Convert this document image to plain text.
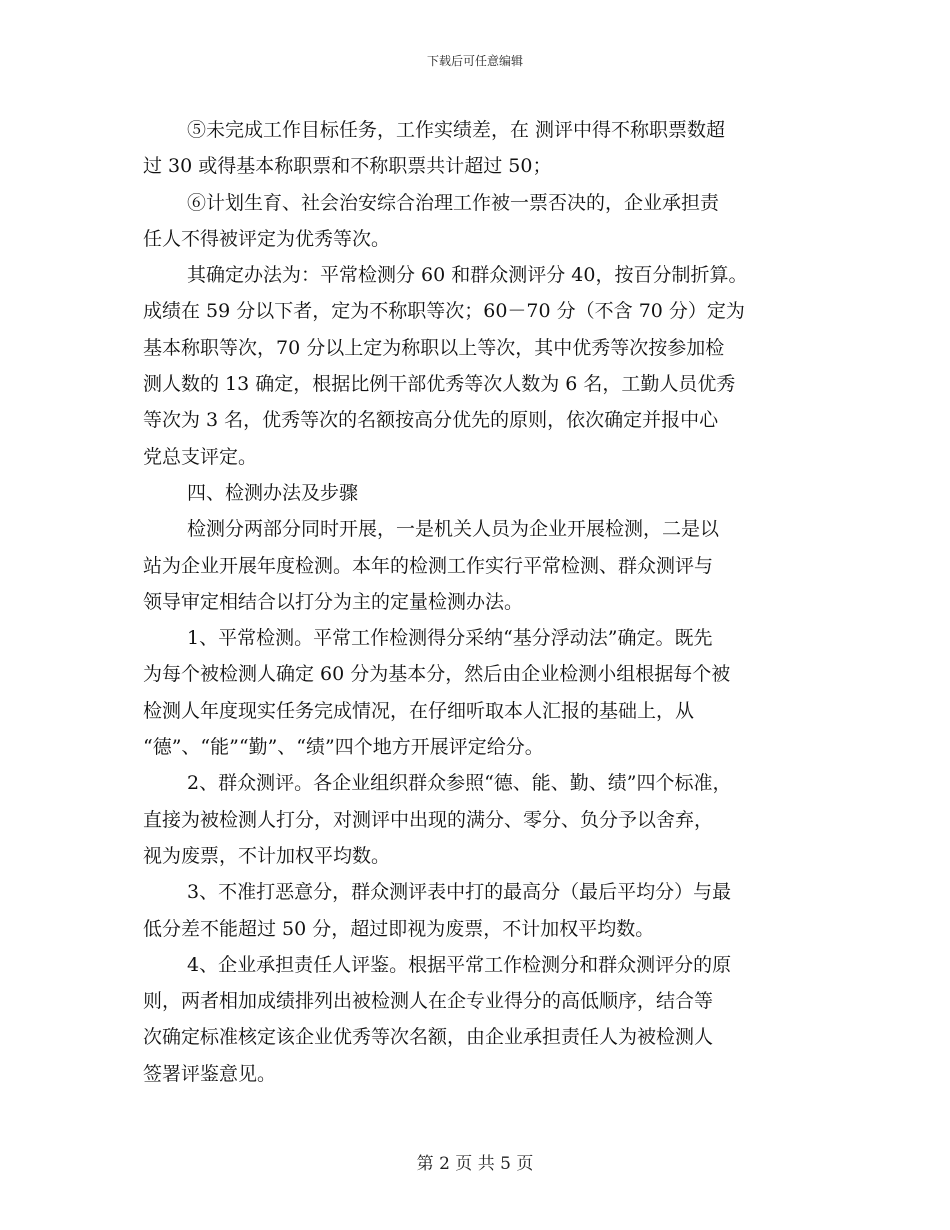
下载后可任意编辑
⑤未完成工作目标任务，工作实绩差，在 测评中得不称职票数超
过 30 或得基本称职票和不称职票共计超过 50；
⑥计划生育、社会治安综合治理工作被一票否决的，企业承担责
任人不得被评定为优秀等次。
其确定办法为：平常检测分 60 和群众测评分 40，按百分制折算。
成绩在 59 分以下者，定为不称职等次；60－70 分（不含 70 分）定为
基本称职等次，70 分以上定为称职以上等次，其中优秀等次按参加检
测人数的 13 确定，根据比例干部优秀等次人数为 6 名，工勤人员优秀
等次为 3 名，优秀等次的名额按高分优先的原则，依次确定并报中心
党总支评定。
四、检测办法及步骤
检测分两部分同时开展，一是机关人员为企业开展检测，二是以
站为企业开展年度检测。本年的检测工作实行平常检测、群众测评与
领导审定相结合以打分为主的定量检测办法。
1、平常检测。平常工作检测得分采纳“基分浮动法”确定。既先
为每个被检测人确定 60 分为基本分，然后由企业检测小组根据每个被
检测人年度现实任务完成情况，在仔细听取本人汇报的基础上，从
“德”、“能”“勤”、“绩”四个地方开展评定给分。
2、群众测评。各企业组织群众参照“德、能、勤、绩”四个标准，
直接为被检测人打分，对测评中出现的满分、零分、负分予以舍弃，
视为废票，不计加权平均数。
3、不准打恶意分，群众测评表中打的最高分（最后平均分）与最
低分差不能超过 50 分，超过即视为废票，不计加权平均数。
4、企业承担责任人评鉴。根据平常工作检测分和群众测评分的原
则，两者相加成绩排列出被检测人在企专业得分的高低顺序，结合等
次确定标准核定该企业优秀等次名额，由企业承担责任人为被检测人
签署评鉴意见。
第 2 页 共 5 页
